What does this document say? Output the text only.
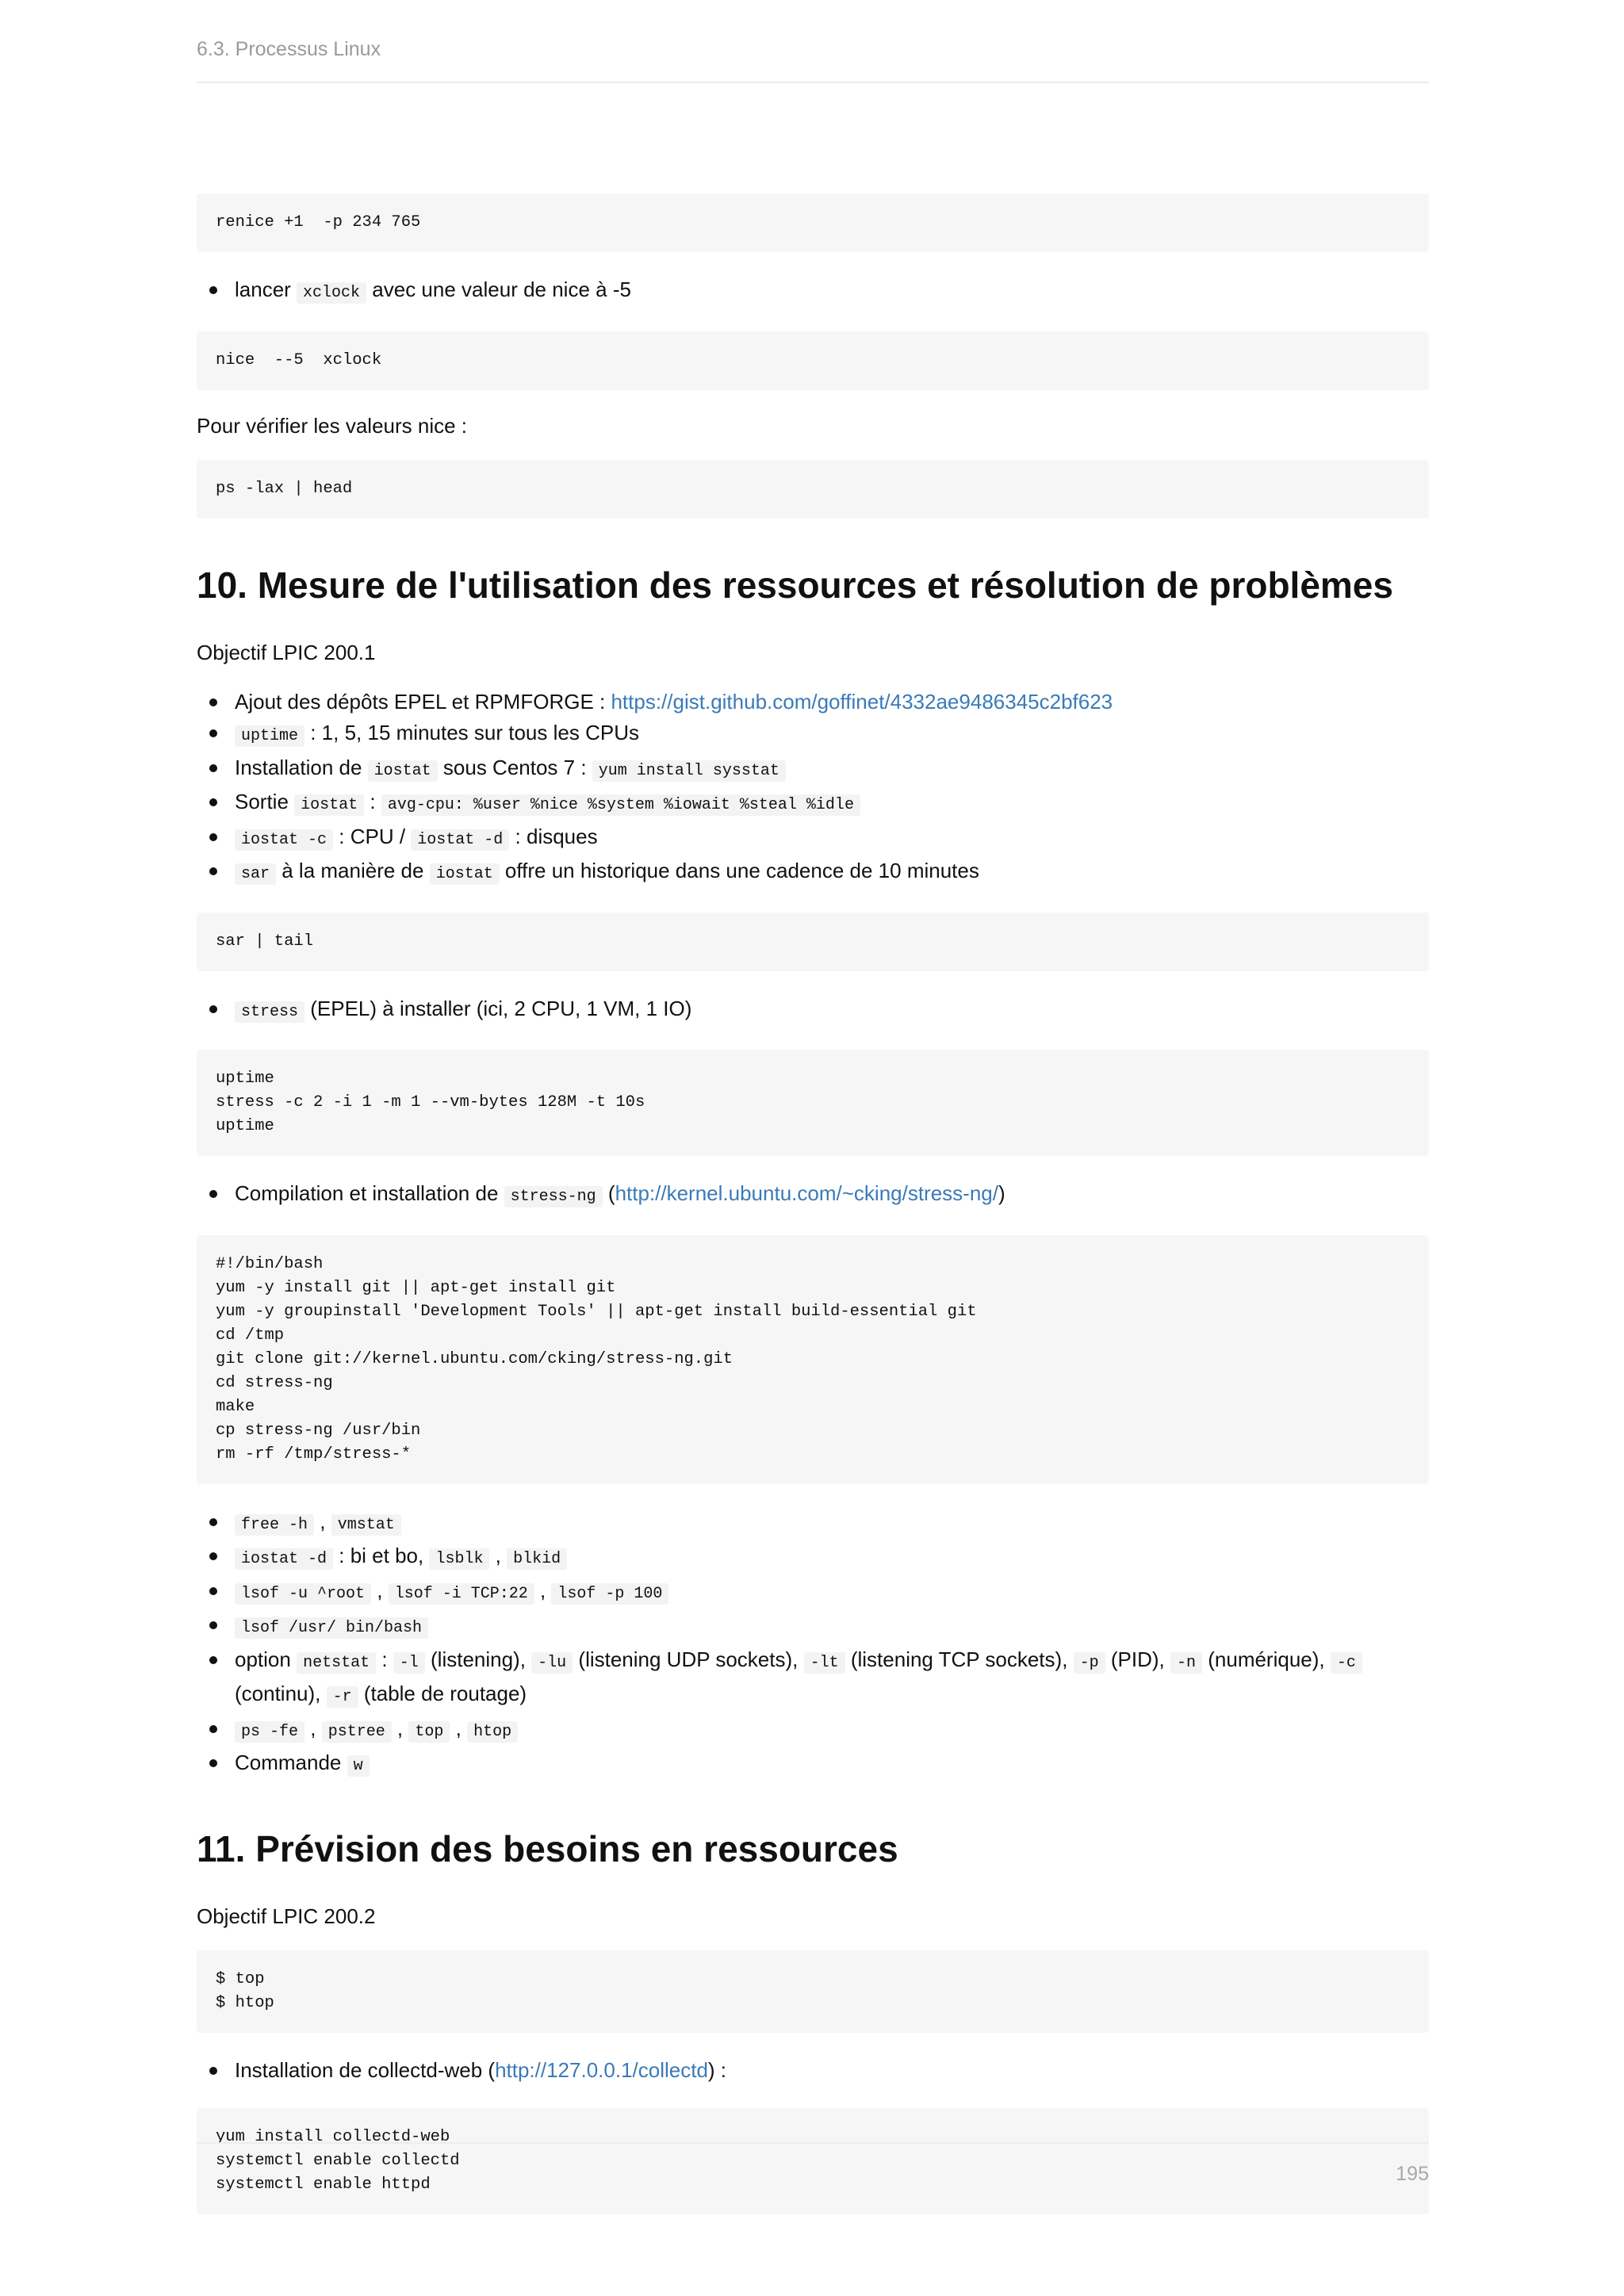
6.3. Processus Linux
renice +1  -p 234 765
lancer xclock avec une valeur de nice à -5
nice  --5  xclock

Pour vérifier les valeurs nice :

ps -lax | head
10. Mesure de l'utilisation des ressources et résolution de problèmes

Objectif LPIC 200.1

Ajout des dépôts EPEL et RPMFORGE : https://gist.github.com/goffinet/4332ae9486345c2bf623
uptime : 1, 5, 15 minutes sur tous les CPUs
Installation de iostat sous Centos 7 : yum install sysstat
Sortie iostat : avg-cpu: %user %nice %system %iowait %steal %idle
iostat -c : CPU / iostat -d : disques
sar à la manière de iostat offre un historique dans une cadence de 10 minutes
sar | tail
stress (EPEL) à installer (ici, 2 CPU, 1 VM, 1 IO)
uptime
stress -c 2 -i 1 -m 1 --vm-bytes 128M -t 10s
uptime
Compilation et installation de stress-ng (http://kernel.ubuntu.com/~cking/stress-ng/)
#!/bin/bash
yum -y install git || apt-get install git
yum -y groupinstall 'Development Tools' || apt-get install build-essential git
cd /tmp
git clone git://kernel.ubuntu.com/cking/stress-ng.git
cd stress-ng
make
cp stress-ng /usr/bin
rm -rf /tmp/stress-*
free -h , vmstat
iostat -d : bi et bo, lsblk , blkid
lsof -u ^root , lsof -i TCP:22 , lsof -p 100
lsof /usr/ bin/bash
option netstat : -l (listening), -lu (listening UDP sockets), -lt (listening TCP sockets), -p (PID), -n (numérique), -c (continu), -r (table de routage)
ps -fe , pstree , top , htop
Commande w
11. Prévision des besoins en ressources

Objectif LPIC 200.2

$ top
$ htop
Installation de collectd-web (http://127.0.0.1/collectd) :
yum install collectd-web
systemctl enable collectd
systemctl enable httpd	195
